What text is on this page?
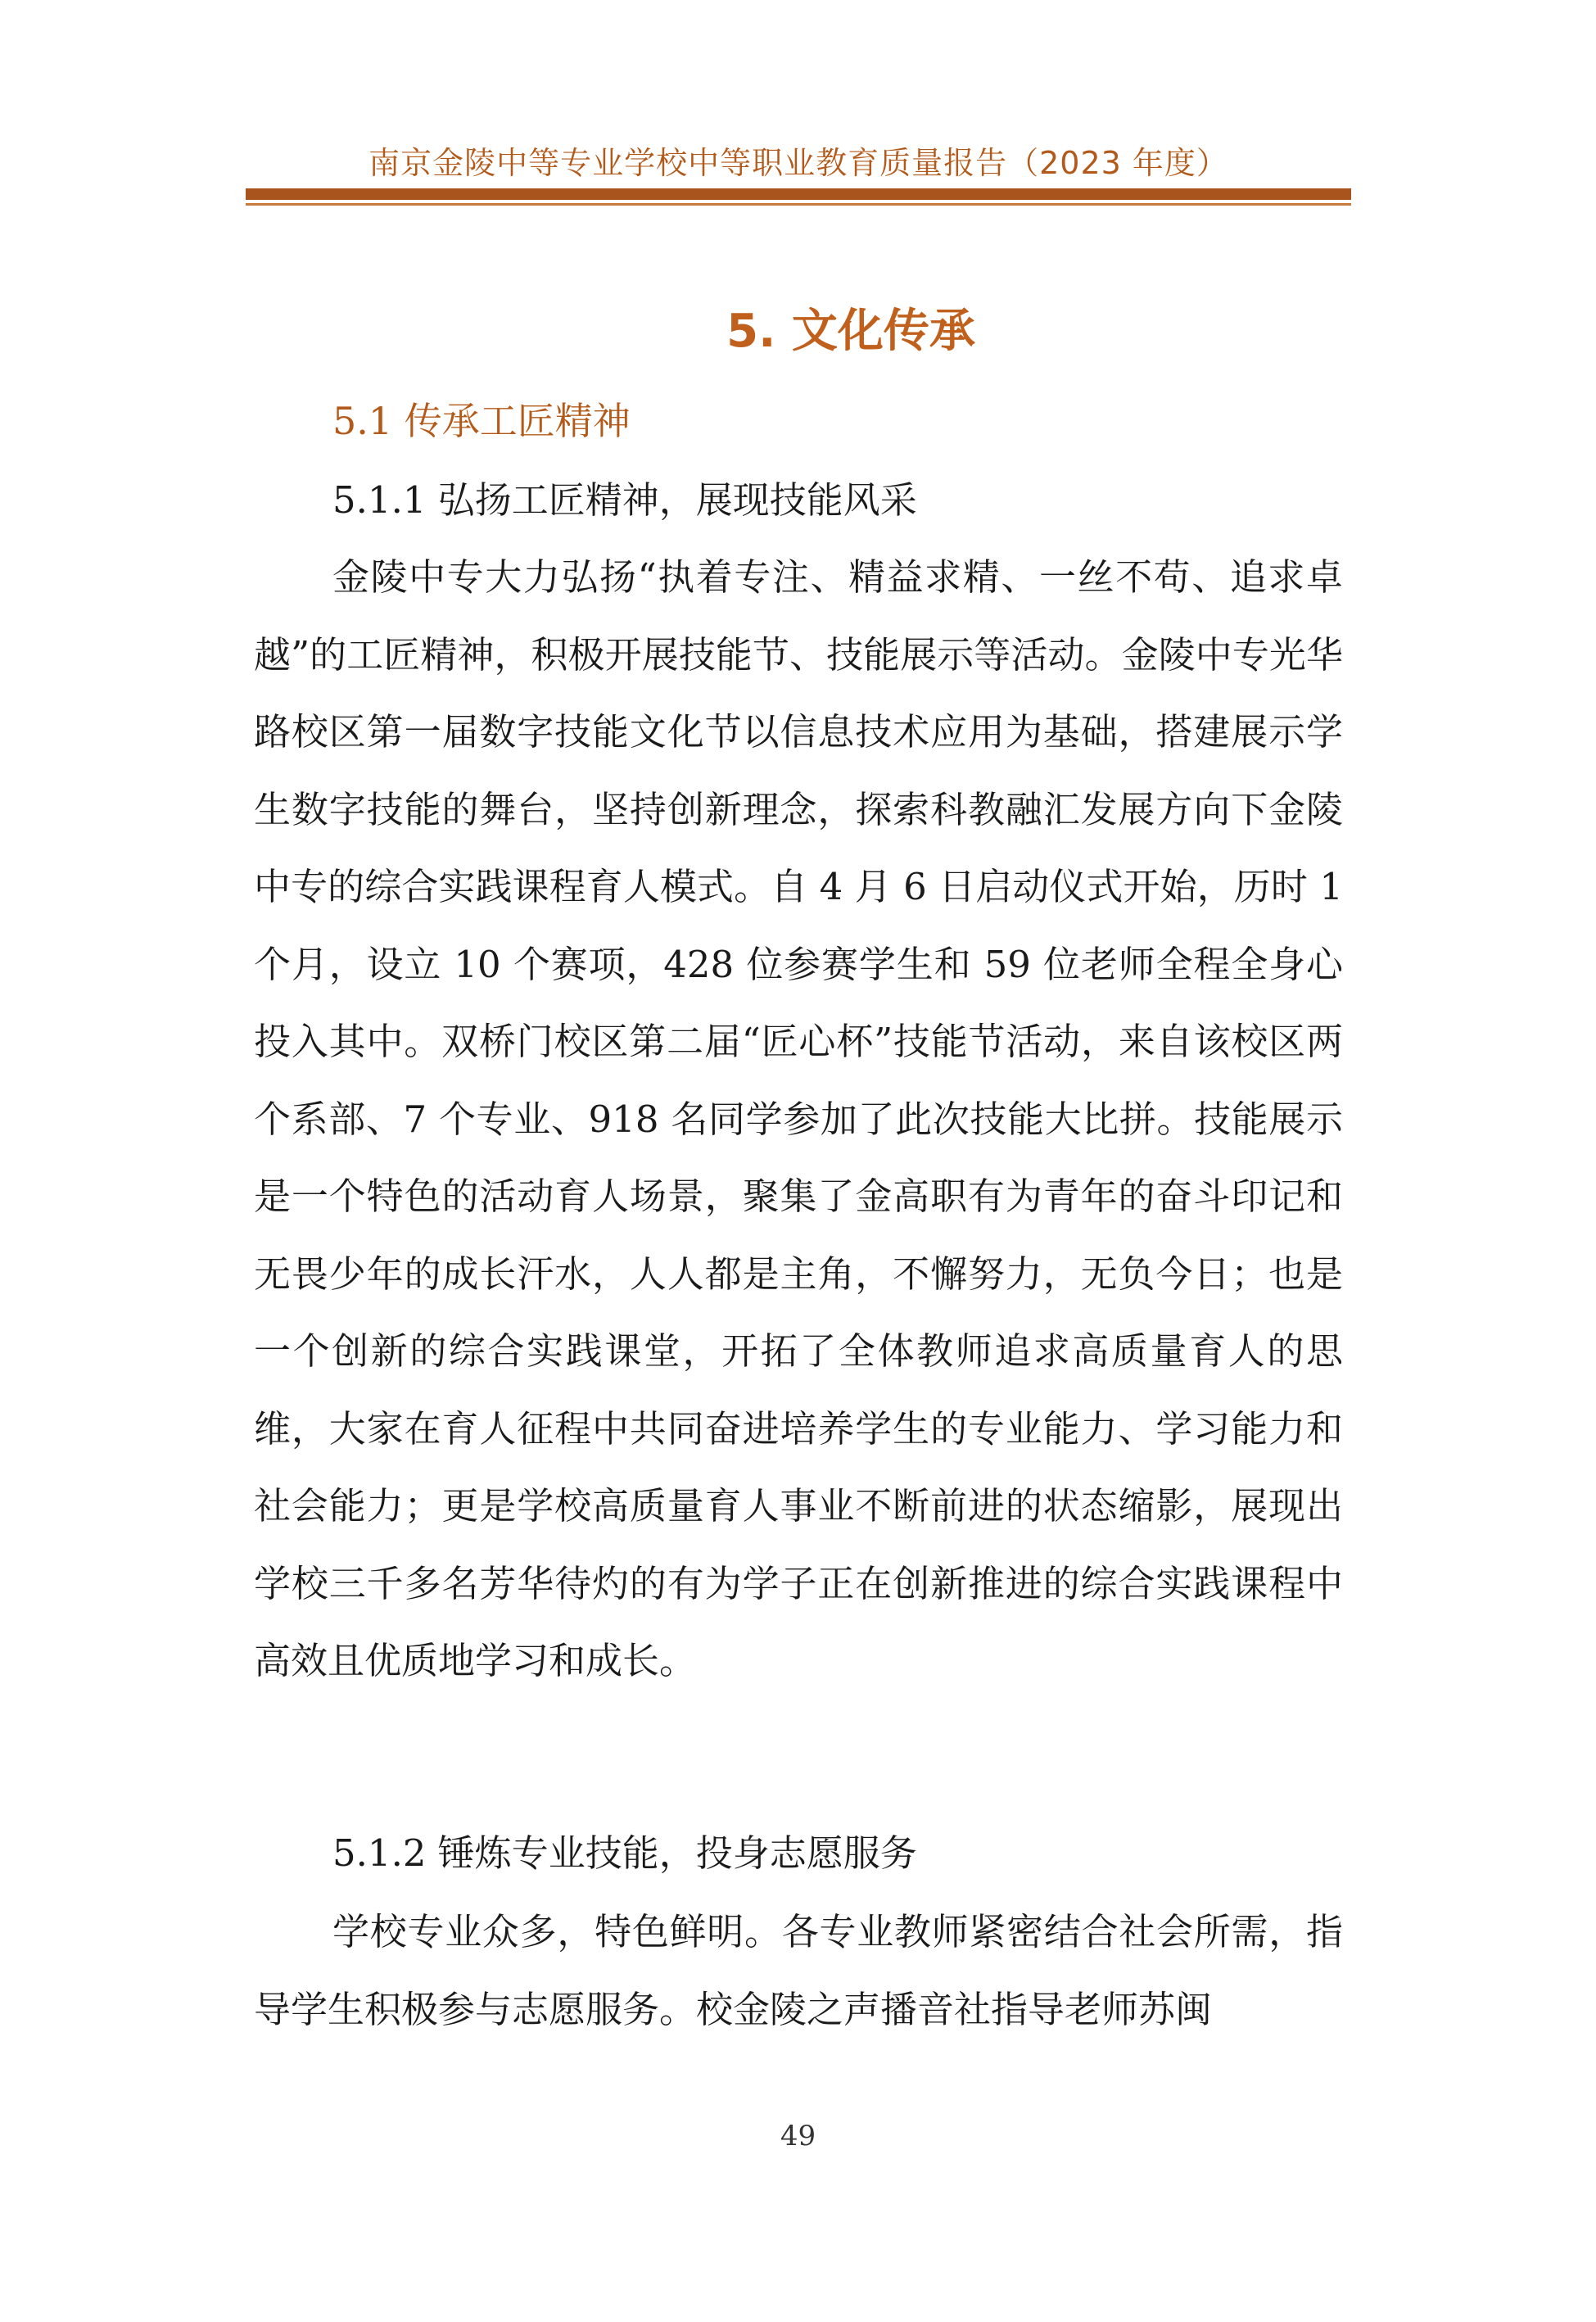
南京金陵中等专业学校中等职业教育质量报告（2023 年度）
5. 文化传承
5.1 传承工匠精神
5.1.1 弘扬工匠精神，展现技能风采

金陵中专大力弘扬“执着专注、精益求精、一丝不苟、追求卓越”的工匠精神，积极开展技能节、技能展示等活动。金陵中专光华路校区第一届数字技能文化节以信息技术应用为基础，搭建展示学生数字技能的舞台，坚持创新理念，探索科教融汇发展方向下金陵中专的综合实践课程育人模式。自 4 月 6 日启动仪式开始，历时 1 个月，设立 10 个赛项，428 位参赛学生和 59 位老师全程全身心投入其中。双桥门校区第二届“匠心杯”技能节活动，来自该校区两个系部、7 个专业、918 名同学参加了此次技能大比拼。技能展示是一个特色的活动育人场景，聚集了金高职有为青年的奋斗印记和无畏少年的成长汗水，人人都是主角，不懈努力，无负今日；也是一个创新的综合实践课堂，开拓了全体教师追求高质量育人的思维，大家在育人征程中共同奋进培养学生的专业能力、学习能力和社会能力；更是学校高质量育人事业不断前进的状态缩影，展现出学校三千多名芳华待灼的有为学子正在创新推进的综合实践课程中高效且优质地学习和成长。

5.1.2 锤炼专业技能，投身志愿服务

学校专业众多，特色鲜明。各专业教师紧密结合社会所需，指导学生积极参与志愿服务。校金陵之声播音社指导老师苏闽

49
